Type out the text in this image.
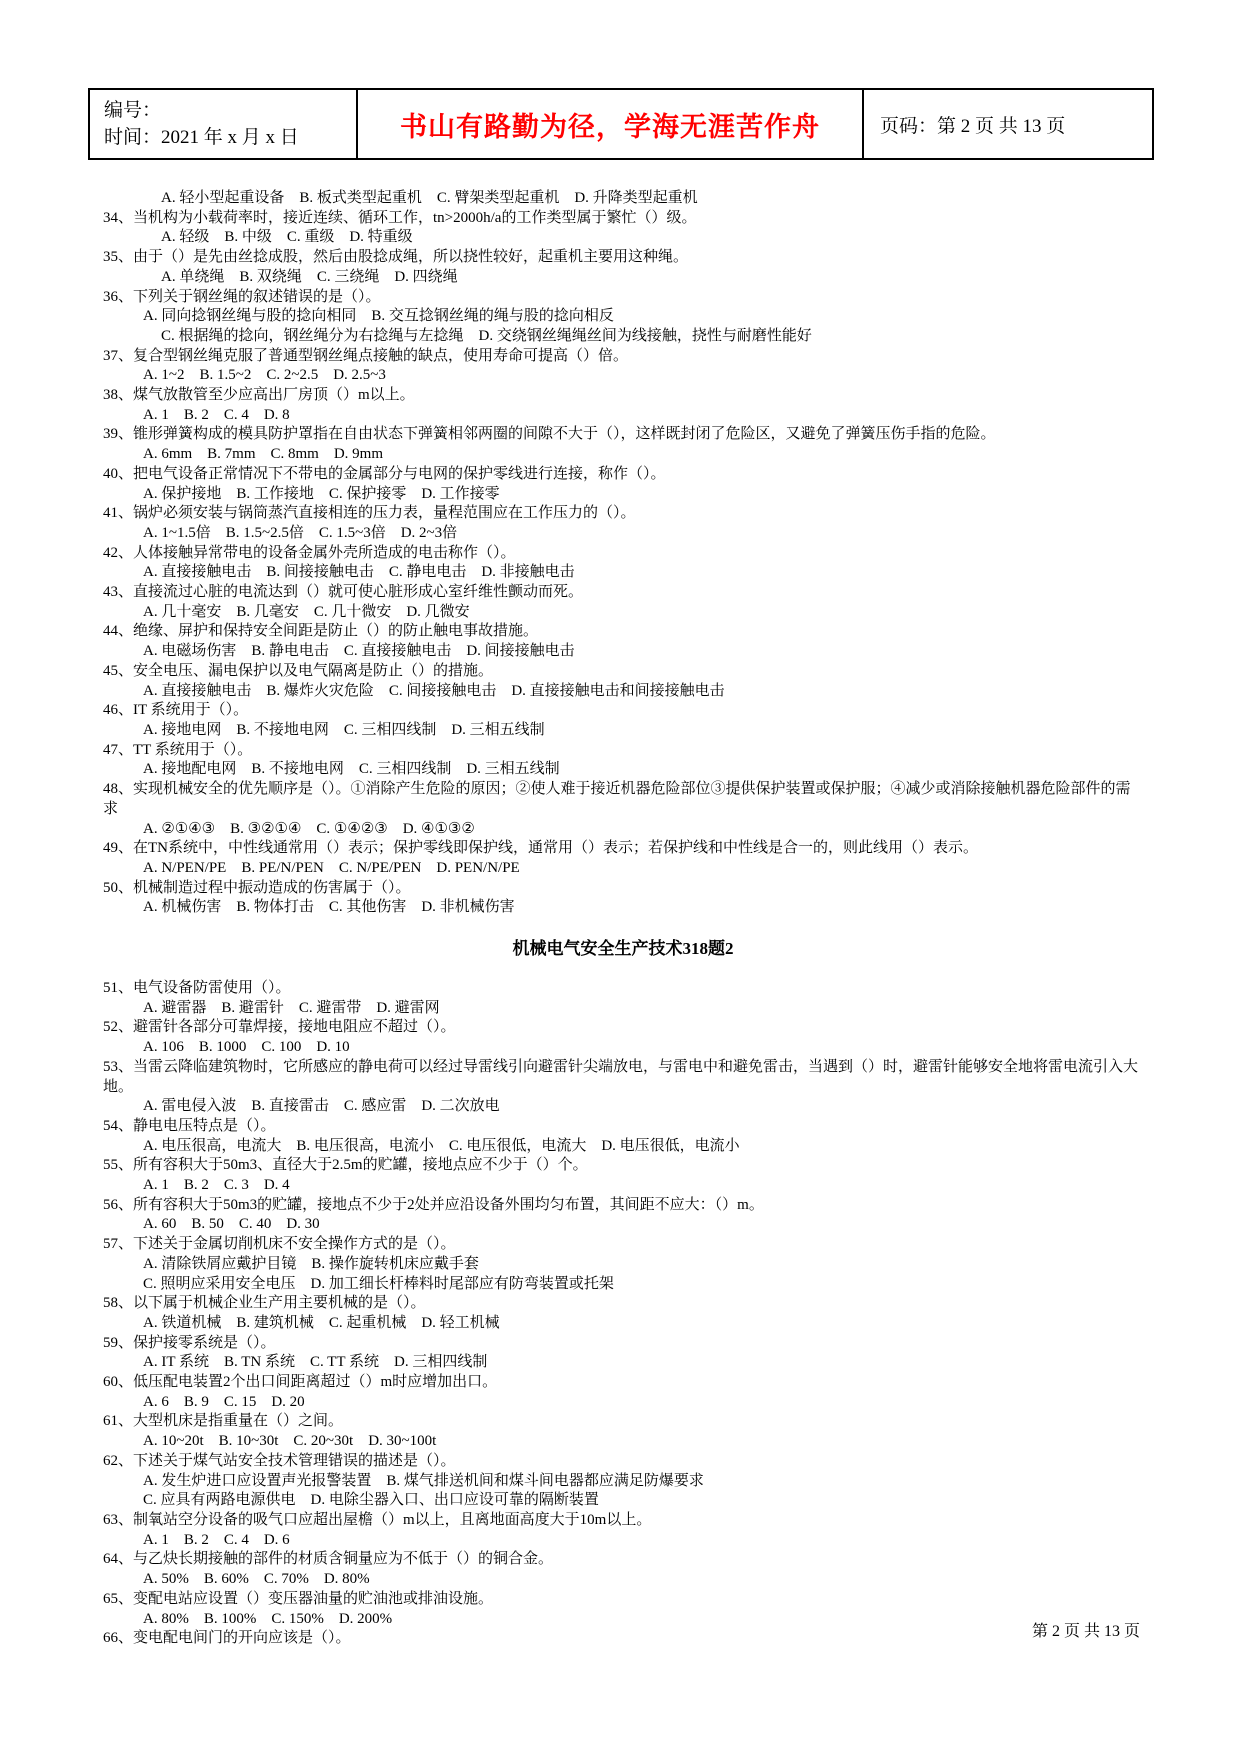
编号：
时间：2021 年 x 月 x 日	书山有路勤为径，学海无涯苦作舟	页码：第 2 页 共 13 页
A. 轻小型起重设备    B. 板式类型起重机    C. 臂架类型起重机    D. 升降类型起重机
34、当机构为小载荷率时，接近连续、循环工作，tn>2000h/a的工作类型属于繁忙（）级。
A. 轻级    B. 中级    C. 重级    D. 特重级
35、由于（）是先由丝捻成股，然后由股捻成绳，所以挠性较好，起重机主要用这种绳。
A. 单绕绳    B. 双绕绳    C. 三绕绳    D. 四绕绳
36、下列关于钢丝绳的叙述错误的是（）。
A. 同向捻钢丝绳与股的捻向相同    B. 交互捻钢丝绳的绳与股的捻向相反
C. 根据绳的捻向，钢丝绳分为右捻绳与左捻绳    D. 交绕钢丝绳绳丝间为线接触，挠性与耐磨性能好
37、复合型钢丝绳克服了普通型钢丝绳点接触的缺点，使用寿命可提高（）倍。
A. 1~2    B. 1.5~2    C. 2~2.5    D. 2.5~3
38、煤气放散管至少应高出厂房顶（）m以上。
A. 1    B. 2    C. 4    D. 8
39、锥形弹簧构成的模具防护罩指在自由状态下弹簧相邻两圈的间隙不大于（），这样既封闭了危险区，又避免了弹簧压伤手指的危险。
A. 6mm    B. 7mm    C. 8mm    D. 9mm
40、把电气设备正常情况下不带电的金属部分与电网的保护零线进行连接，称作（）。
A. 保护接地    B. 工作接地    C. 保护接零    D. 工作接零
41、锅炉必须安装与锅筒蒸汽直接相连的压力表，量程范围应在工作压力的（）。
A. 1~1.5倍    B. 1.5~2.5倍    C. 1.5~3倍    D. 2~3倍
42、人体接触异常带电的设备金属外壳所造成的电击称作（）。
A. 直接接触电击    B. 间接接触电击    C. 静电电击    D. 非接触电击
43、直接流过心脏的电流达到（）就可使心脏形成心室纤维性颤动而死。
A. 几十毫安    B. 几毫安    C. 几十微安    D. 几微安
44、绝缘、屏护和保持安全间距是防止（）的防止触电事故措施。
A. 电磁场伤害    B. 静电电击    C. 直接接触电击    D. 间接接触电击
45、安全电压、漏电保护以及电气隔离是防止（）的措施。
A. 直接接触电击    B. 爆炸火灾危险    C. 间接接触电击    D. 直接接触电击和间接接触电击
46、IT 系统用于（）。
A. 接地电网    B. 不接地电网    C. 三相四线制    D. 三相五线制
47、TT 系统用于（）。
A. 接地配电网    B. 不接地电网    C. 三相四线制    D. 三相五线制
48、实现机械安全的优先顺序是（）。①消除产生危险的原因；②使人难于接近机器危险部位③提供保护装置或保护服；④减少或消除接触机器危险部件的需求
A. ②①④③    B. ③②①④    C. ①④②③    D. ④①③②
49、在TN系统中，中性线通常用（）表示；保护零线即保护线，通常用（）表示；若保护线和中性线是合一的，则此线用（）表示。
A. N/PEN/PE    B. PE/N/PEN    C. N/PE/PEN    D. PEN/N/PE
50、机械制造过程中振动造成的伤害属于（）。
A. 机械伤害    B. 物体打击    C. 其他伤害    D. 非机械伤害
机械电气安全生产技术318题2
51、电气设备防雷使用（）。
A. 避雷器    B. 避雷针    C. 避雷带    D. 避雷网
52、避雷针各部分可靠焊接，接地电阻应不超过（）。
A. 106    B. 1000    C. 100    D. 10
53、当雷云降临建筑物时，它所感应的静电荷可以经过导雷线引向避雷针尖端放电，与雷电中和避免雷击，当遇到（）时，避雷针能够安全地将雷电流引入大地。
A. 雷电侵入波    B. 直接雷击    C. 感应雷    D. 二次放电
54、静电电压特点是（）。
A. 电压很高，电流大    B. 电压很高，电流小    C. 电压很低，电流大    D. 电压很低，电流小
55、所有容积大于50m3、直径大于2.5m的贮罐，接地点应不少于（）个。
A. 1    B. 2    C. 3    D. 4
56、所有容积大于50m3的贮罐，接地点不少于2处并应沿设备外围均匀布置，其间距不应大：（）m。
A. 60    B. 50    C. 40    D. 30
57、下述关于金属切削机床不安全操作方式的是（）。
A. 清除铁屑应戴护目镜    B. 操作旋转机床应戴手套
C. 照明应采用安全电压    D. 加工细长杆棒料时尾部应有防弯装置或托架
58、以下属于机械企业生产用主要机械的是（）。
A. 铁道机械    B. 建筑机械    C. 起重机械    D. 轻工机械
59、保护接零系统是（）。
A. IT 系统    B. TN 系统    C. TT 系统    D. 三相四线制
60、低压配电装置2个出口间距离超过（）m时应增加出口。
A. 6    B. 9    C. 15    D. 20
61、大型机床是指重量在（）之间。
A. 10~20t    B. 10~30t    C. 20~30t    D. 30~100t
62、下述关于煤气站安全技术管理错误的描述是（）。
A. 发生炉进口应设置声光报警装置    B. 煤气排送机间和煤斗间电器都应满足防爆要求
C. 应具有两路电源供电    D. 电除尘器入口、出口应设可靠的隔断装置
63、制氧站空分设备的吸气口应超出屋檐（）m以上，且离地面高度大于10m以上。
A. 1    B. 2    C. 4    D. 6
64、与乙炔长期接触的部件的材质含铜量应为不低于（）的铜合金。
A. 50%    B. 60%    C. 70%    D. 80%
65、变配电站应设置（）变压器油量的贮油池或排油设施。
A. 80%    B. 100%    C. 150%    D. 200%
66、变电配电间门的开向应该是（）。	第 2 页 共 13 页
